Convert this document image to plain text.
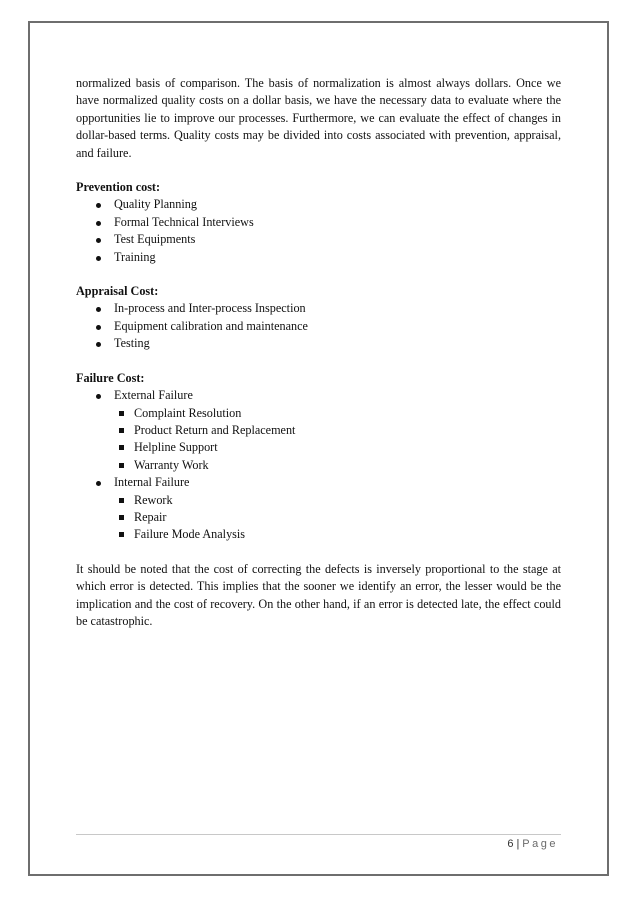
normalized basis of comparison. The basis of normalization is almost always dollars. Once we have normalized quality costs on a dollar basis, we have the necessary data to evaluate where the opportunities lie to improve our processes. Furthermore, we can evaluate the effect of changes in dollar-based terms. Quality costs may be divided into costs associated with prevention, appraisal, and failure.

Prevention cost:

Quality Planning
Formal Technical Interviews
Test Equipments
Training

Appraisal Cost:

In-process and Inter-process Inspection
Equipment calibration and maintenance
Testing

Failure Cost:

External Failure
Complaint Resolution
Product Return and Replacement
Helpline Support
Warranty Work
Internal Failure
Rework
Repair
Failure Mode Analysis

It should be noted that the cost of correcting the defects is inversely proportional to the stage at which error is detected. This implies that the sooner we identify an error, the lesser would be the implication and the cost of recovery. On the other hand, if an error is detected late, the effect could be catastrophic.

6 | Page
